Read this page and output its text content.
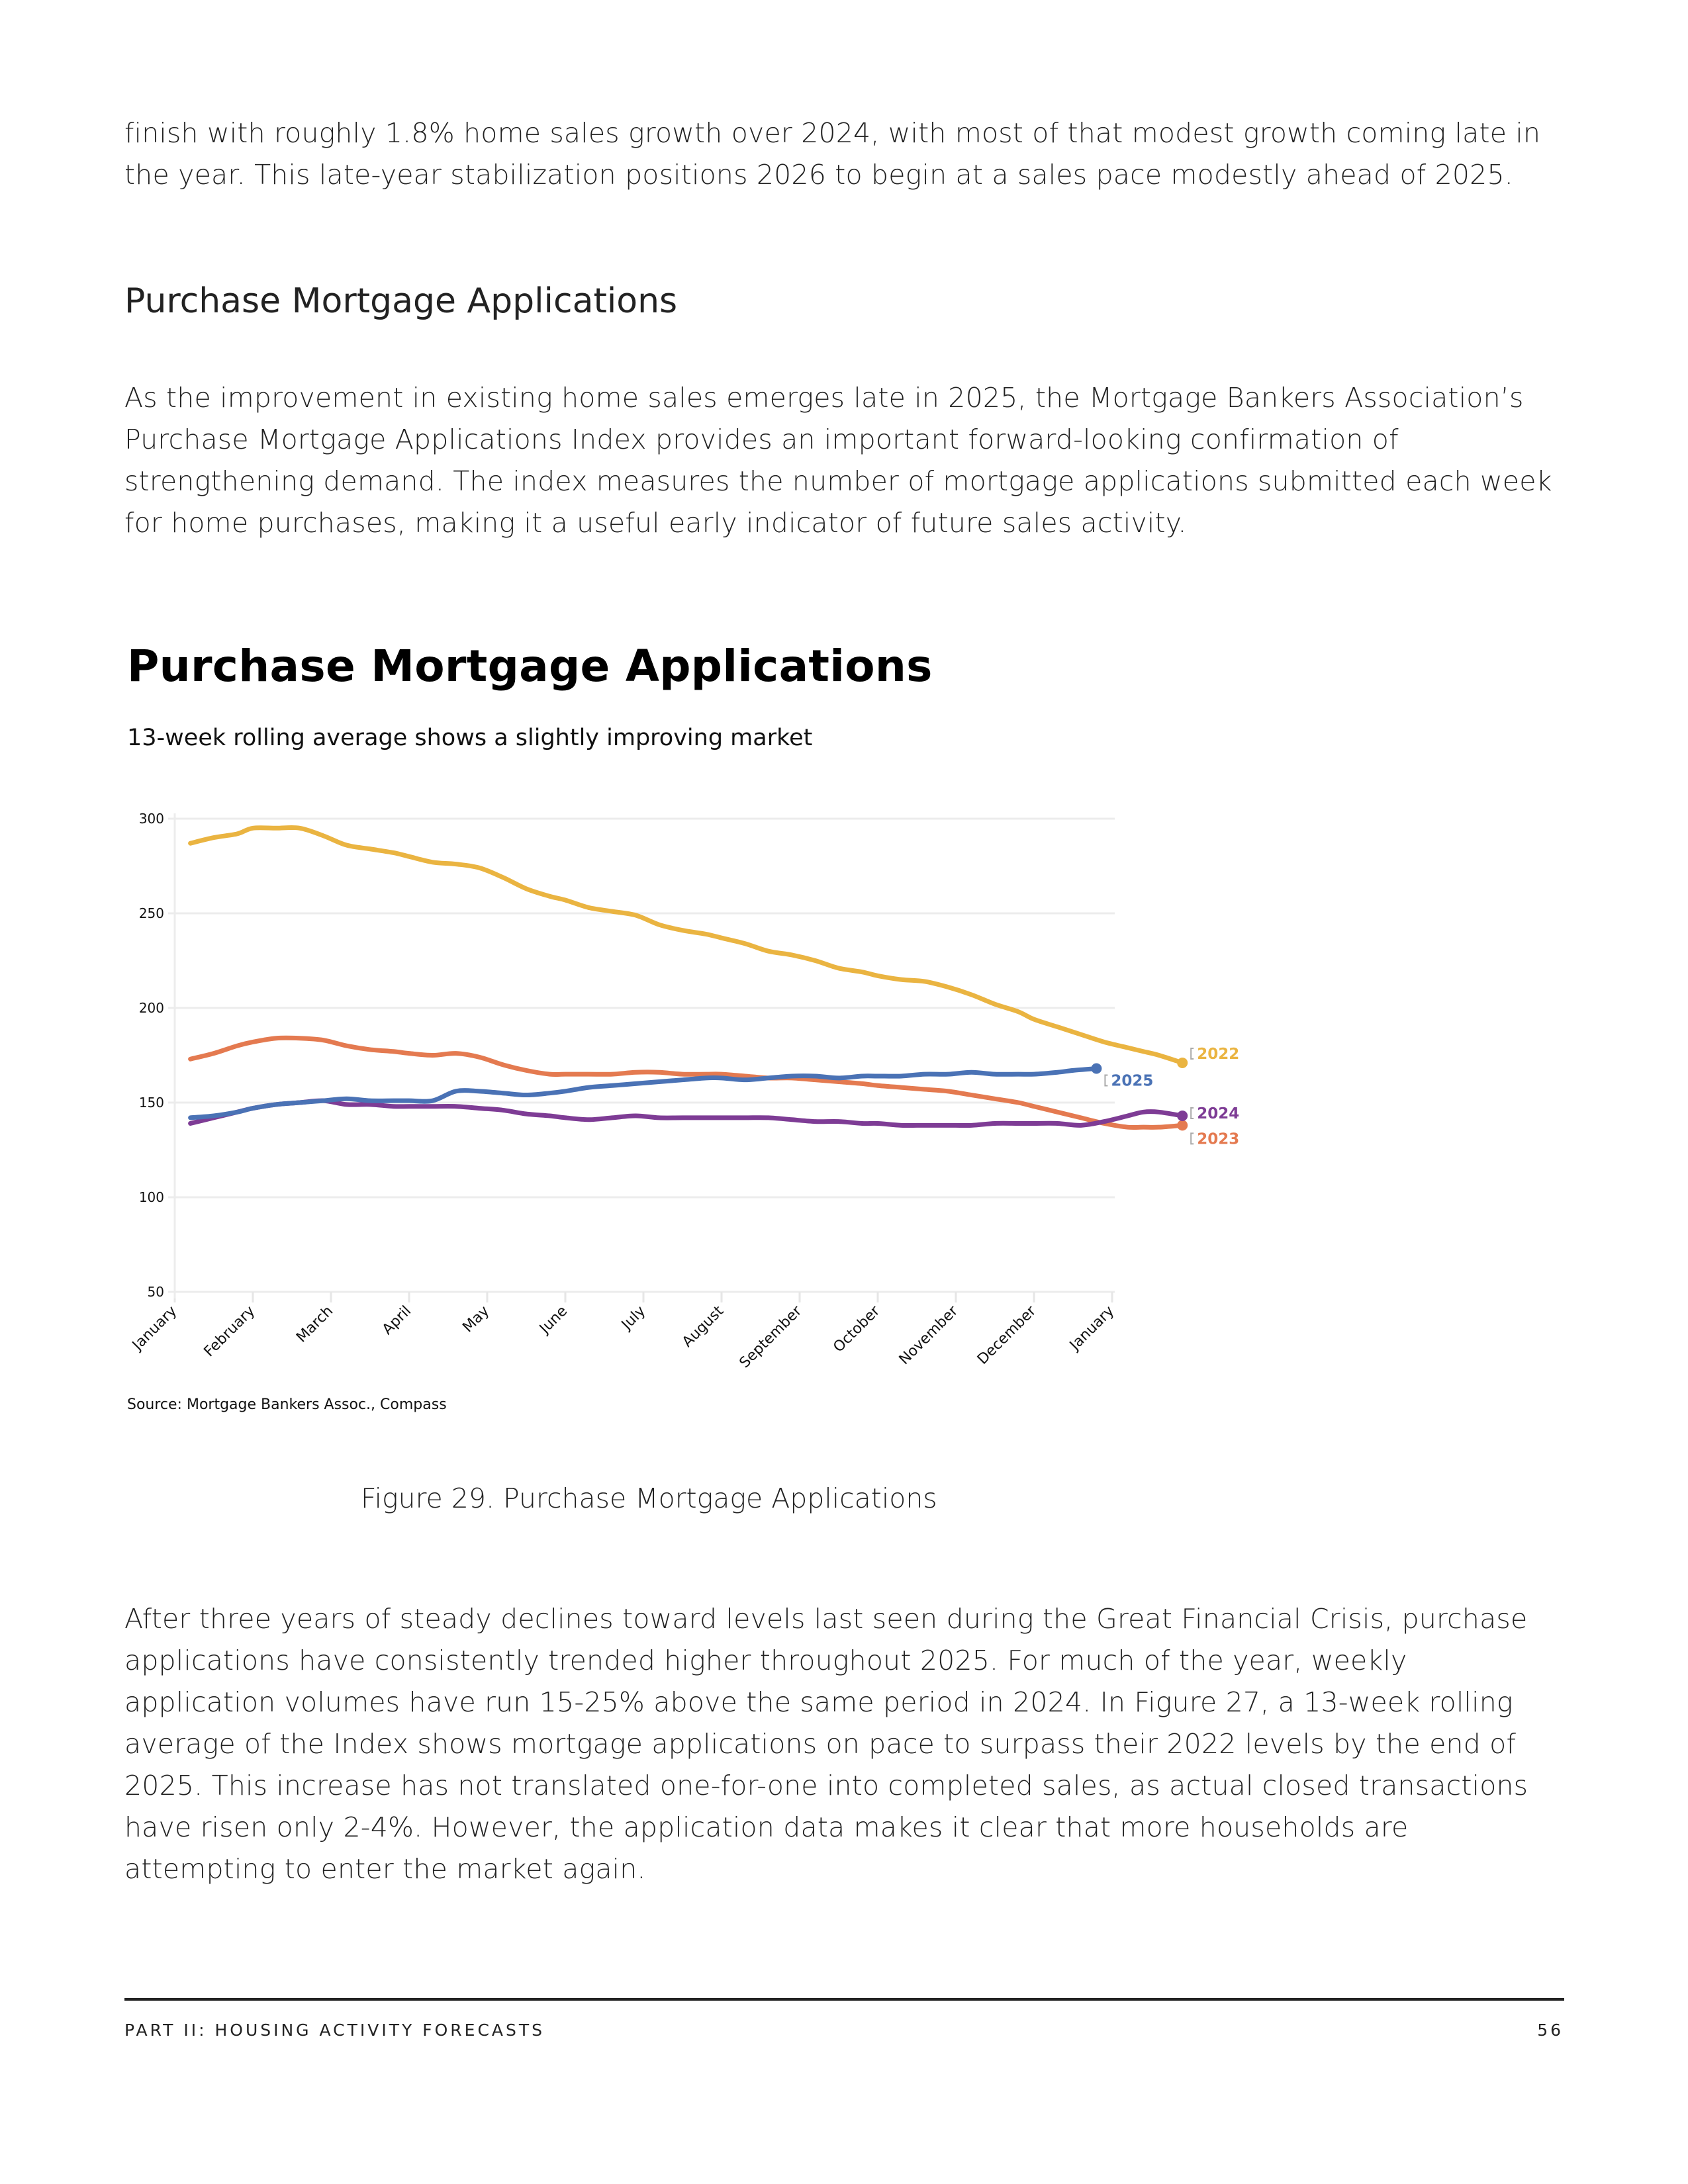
finish with roughly 1.8% home sales growth over 2024, with most of that modest growth coming late in the year. This late-year stabilization positions 2026 to begin at a sales pace modestly ahead of 2025.

Purchase Mortgage Applications

As the improvement in existing home sales emerges late in 2025, the Mortgage Bankers Association’s Purchase Mortgage Applications Index provides an important forward-looking confirmation of strengthening demand. The index measures the number of mortgage applications submitted each week for home purchases, making it a useful early indicator of future sales activity.

Purchase Mortgage Applications

13-week rolling average shows a slightly improving market

January February March	April	May	June	July August September October November December January
50
100
150
200
250
300
2022
2023
2024
2025

Source: Mortgage Bankers Assoc., Compass

Figure 29. Purchase Mortgage Applications

After three years of steady declines toward levels last seen during the Great Financial Crisis, purchase applications have consistently trended higher throughout 2025. For much of the year, weekly application volumes have run 15-25% above the same period in 2024. In Figure 27, a 13-week rolling average of the Index shows mortgage applications on pace to surpass their 2022 levels by the end of 2025. This increase has not translated one-for-one into completed sales, as actual closed transactions have risen only 2-4%. However, the application data makes it clear that more households are attempting to enter the market again.

PART II: HOUSING ACTIVITY FORECASTS	56
